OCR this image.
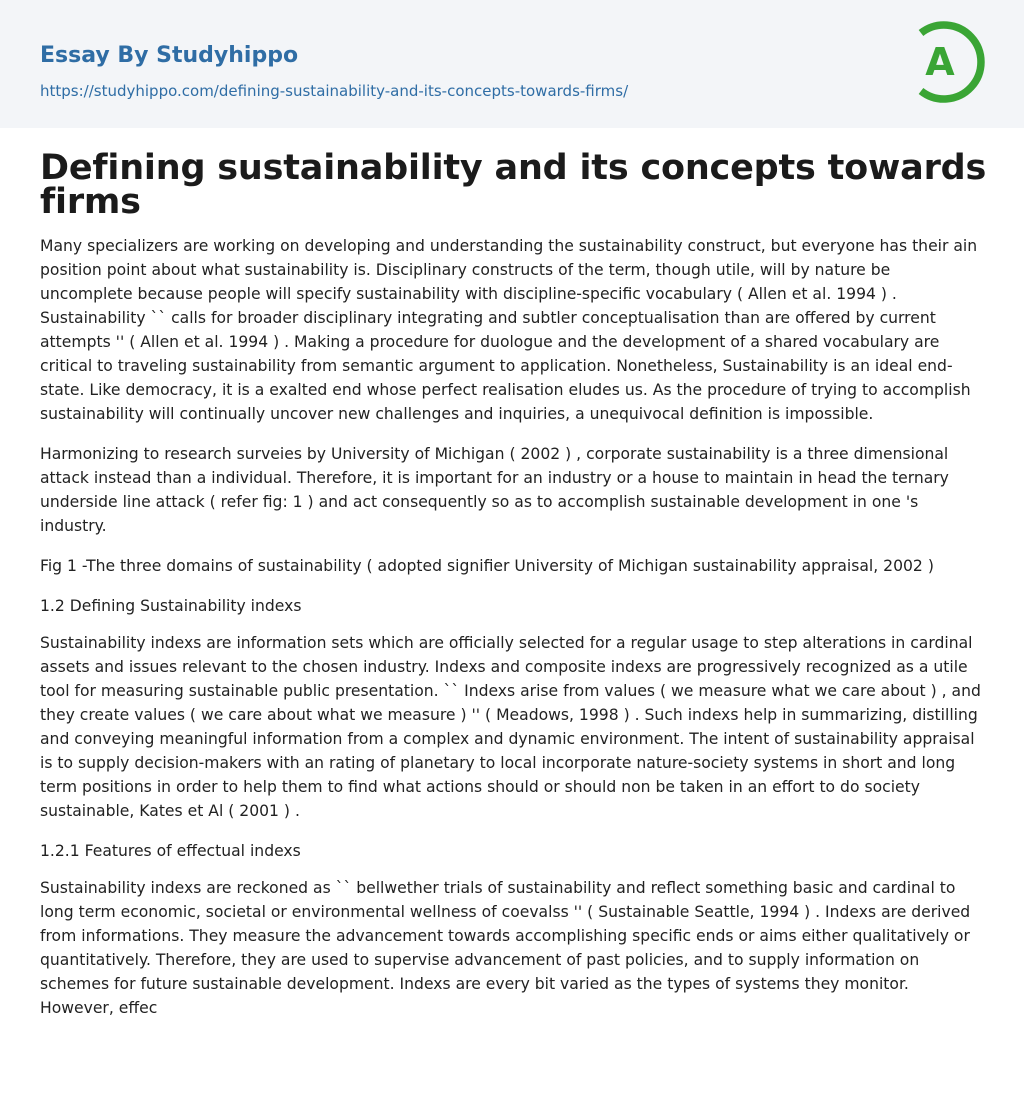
Essay By Studyhippo
https://studyhippo.com/defining-sustainability-and-its-concepts-towards-firms/
A
Defining sustainability and its concepts towards firms

Many specializers are working on developing and understanding the sustainability construct, but everyone has their ain position point about what sustainability is. Disciplinary constructs of the term, though utile, will by nature be uncomplete because people will specify sustainability with discipline-specific vocabulary ( Allen et al. 1994 ) . Sustainability `` calls for broader disciplinary integrating and subtler conceptualisation than are offered by current attempts '' ( Allen et al. 1994 ) . Making a procedure for duologue and the development of a shared vocabulary are critical to traveling sustainability from semantic argument to application. Nonetheless, Sustainability is an ideal end-state. Like democracy, it is a exalted end whose perfect realisation eludes us. As the procedure of trying to accomplish sustainability will continually uncover new challenges and inquiries, a unequivocal definition is impossible.

Harmonizing to research surveies by University of Michigan ( 2002 ) , corporate sustainability is a three dimensional attack instead than a individual. Therefore, it is important for an industry or a house to maintain in head the ternary underside line attack ( refer fig: 1 ) and act consequently so as to accomplish sustainable development in one 's industry.

Fig 1 -The three domains of sustainability ( adopted signifier University of Michigan sustainability appraisal, 2002 )

1.2 Defining Sustainability indexs

Sustainability indexs are information sets which are officially selected for a regular usage to step alterations in cardinal assets and issues relevant to the chosen industry. Indexs and composite indexs are progressively recognized as a utile tool for measuring sustainable public presentation. `` Indexs arise from values ( we measure what we care about ) , and they create values ( we care about what we measure ) '' ( Meadows, 1998 ) . Such indexs help in summarizing, distilling and conveying meaningful information from a complex and dynamic environment. The intent of sustainability appraisal is to supply decision-makers with an rating of planetary to local incorporate nature-society systems in short and long term positions in order to help them to find what actions should or should non be taken in an effort to do society sustainable, Kates et Al ( 2001 ) .

1.2.1 Features of effectual indexs

Sustainability indexs are reckoned as `` bellwether trials of sustainability and reflect something basic and cardinal to long term economic, societal or environmental wellness of coevalss '' ( Sustainable Seattle, 1994 ) . Indexs are derived from informations. They measure the advancement towards accomplishing specific ends or aims either qualitatively or quantitatively. Therefore, they are used to supervise advancement of past policies, and to supply information on schemes for future sustainable development. Indexs are every bit varied as the types of systems they monitor. However, effec
